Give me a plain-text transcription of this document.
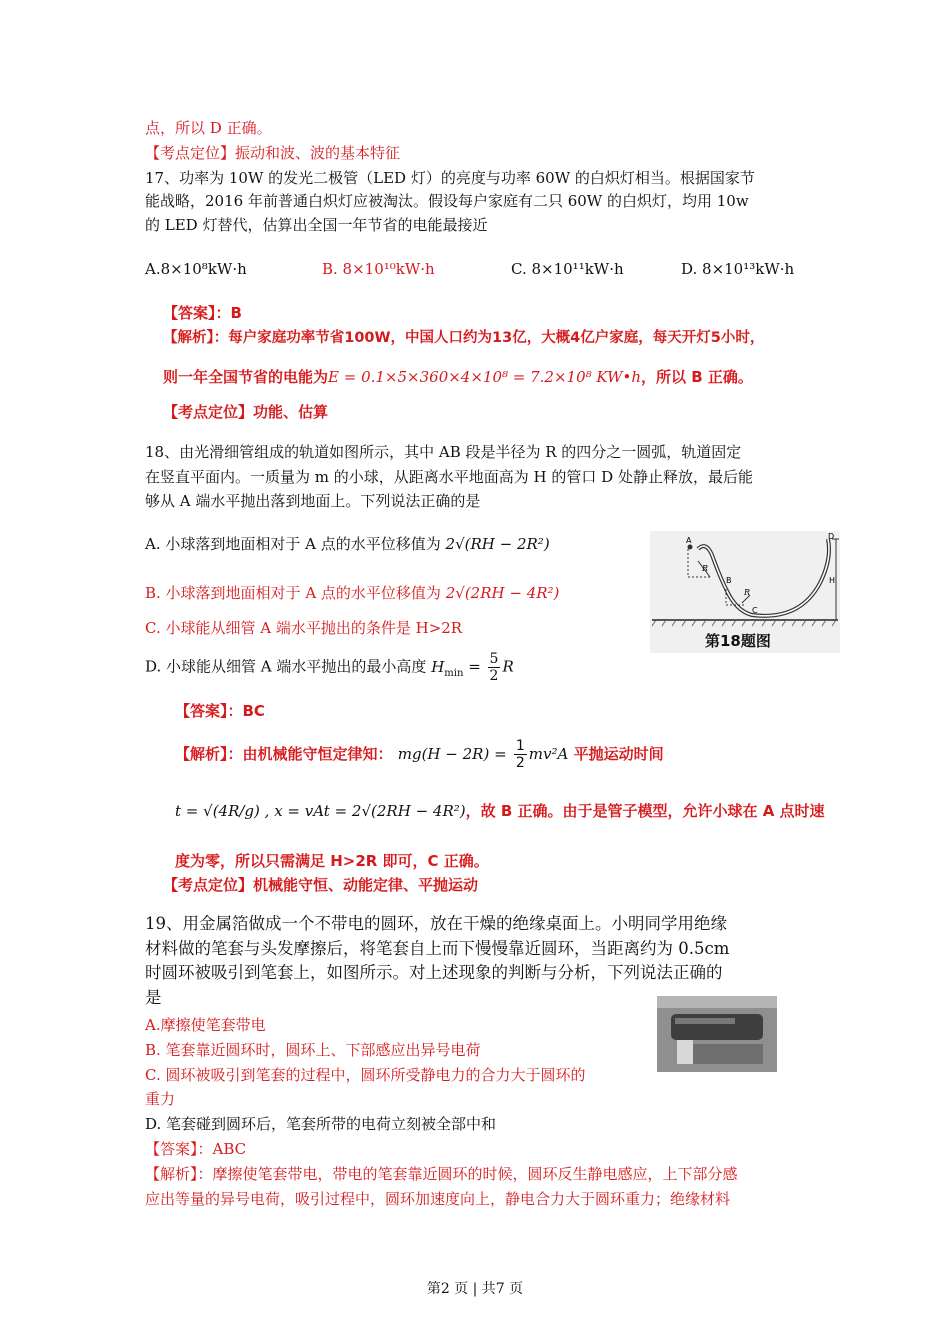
点，所以 D 正确。
【考点定位】振动和波、波的基本特征
17、功率为 10W 的发光二极管（LED 灯）的亮度与功率 60W 的白炽灯相当。根据国家节
能战略，2016 年前普通白炽灯应被淘汰。假设每户家庭有二只 60W 的白炽灯，均用 10w
的 LED 灯替代，估算出全国一年节省的电能最接近
A.8×10⁸kW·h	B. 8×10¹⁰kW·h	C. 8×10¹¹kW·h	D. 8×10¹³kW·h
【答案】：B
【解析】：每户家庭功率节省100W，中国人口约为13亿，大概4亿户家庭，每天开灯5小时，
则一年全国节省的电能为E = 0.1×5×360×4×10⁸ = 7.2×10⁸ KW•h，所以 B 正确。
【考点定位】功能、估算
18、由光滑细管组成的轨道如图所示，其中 AB 段是半径为 R 的四分之一圆弧，轨道固定
在竖直平面内。一质量为 m 的小球，从距离水平地面高为 H 的管口 D 处静止释放，最后能
够从 A 端水平抛出落到地面上。下列说法正确的是
A. 小球落到地面相对于 A 点的水平位移值为 2√(RH − 2R²)
B. 小球落到地面相对于 A 点的水平位移值为 2√(2RH − 4R²)
C. 小球能从细管 A 端水平抛出的条件是 H>2R
D. 小球能从细管 A 端水平抛出的最小高度 $H_{min} = \frac{5}{2}$ R
A
B
C
D
R
R
H
第18题图
【答案】：BC
【解析】：由机械能守恒定律知： $mg(H - 2R) = \frac{1}{2} mv^2A$ 平抛运动时间
t = √(4R/g) , x = vAt = 2√(2RH − 4R²)，故 B 正确。由于是管子模型，允许小球在 A 点时速
度为零，所以只需满足 H>2R 即可，C 正确。
【考点定位】机械能守恒、动能定律、平抛运动
19、用金属箔做成一个不带电的圆环，放在干燥的绝缘桌面上。小明同学用绝缘
材料做的笔套与头发摩擦后，将笔套自上而下慢慢靠近圆环，当距离约为 0.5cm
时圆环被吸引到笔套上，如图所示。对上述现象的判断与分析，下列说法正确的
是
A.摩擦使笔套带电
B. 笔套靠近圆环时，圆环上、下部感应出异号电荷
C. 圆环被吸引到笔套的过程中，圆环所受静电力的合力大于圆环的
重力
D. 笔套碰到圆环后，笔套所带的电荷立刻被全部中和
【答案】：ABC
【解析】：摩擦使笔套带电，带电的笔套靠近圆环的时候，圆环反生静电感应，上下部分感
应出等量的异号电荷，吸引过程中，圆环加速度向上，静电合力大于圆环重力；绝缘材料
第2 页 | 共7 页
